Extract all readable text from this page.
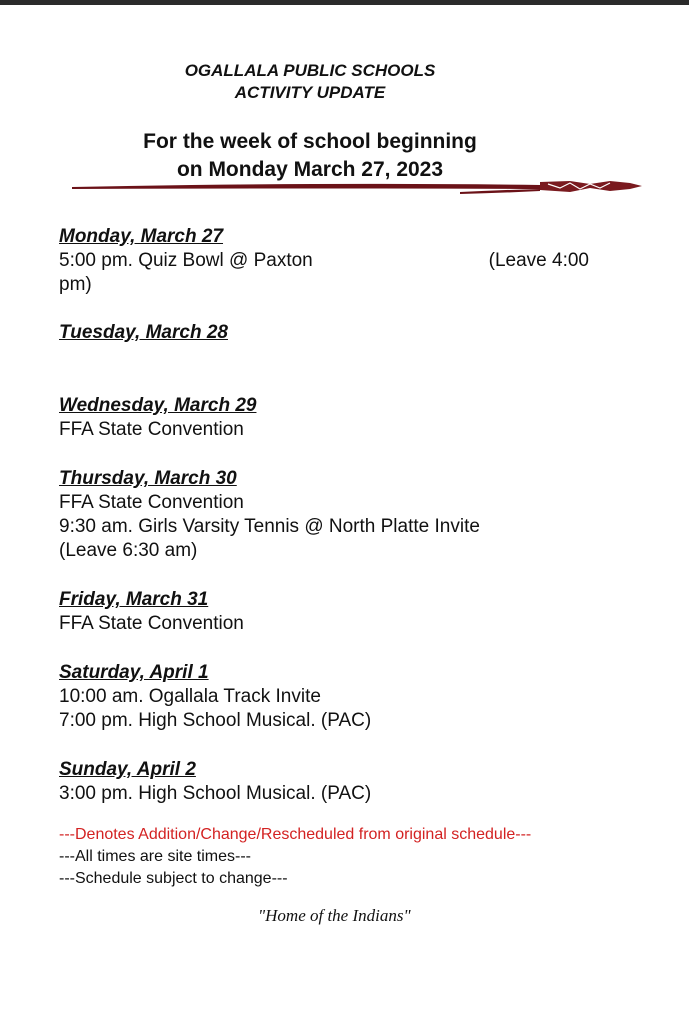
OGALLALA PUBLIC SCHOOLS
ACTIVITY UPDATE
For the week of school beginning
on Monday March 27, 2023
Monday, March 27
5:00 pm. Quiz Bowl @ Paxton	(Leave 4:00
pm)
Tuesday, March 28
Wednesday, March 29
FFA State Convention
Thursday, March 30
FFA State Convention
9:30 am. Girls Varsity Tennis @ North Platte Invite
(Leave 6:30 am)
Friday, March 31
FFA State Convention
Saturday, April 1
10:00 am. Ogallala Track Invite
7:00 pm. High School Musical. (PAC)
Sunday, April 2
3:00 pm. High School Musical. (PAC)
---Denotes Addition/Change/Rescheduled from original schedule---
---All times are site times---
---Schedule subject to change---
"Home of the Indians"
